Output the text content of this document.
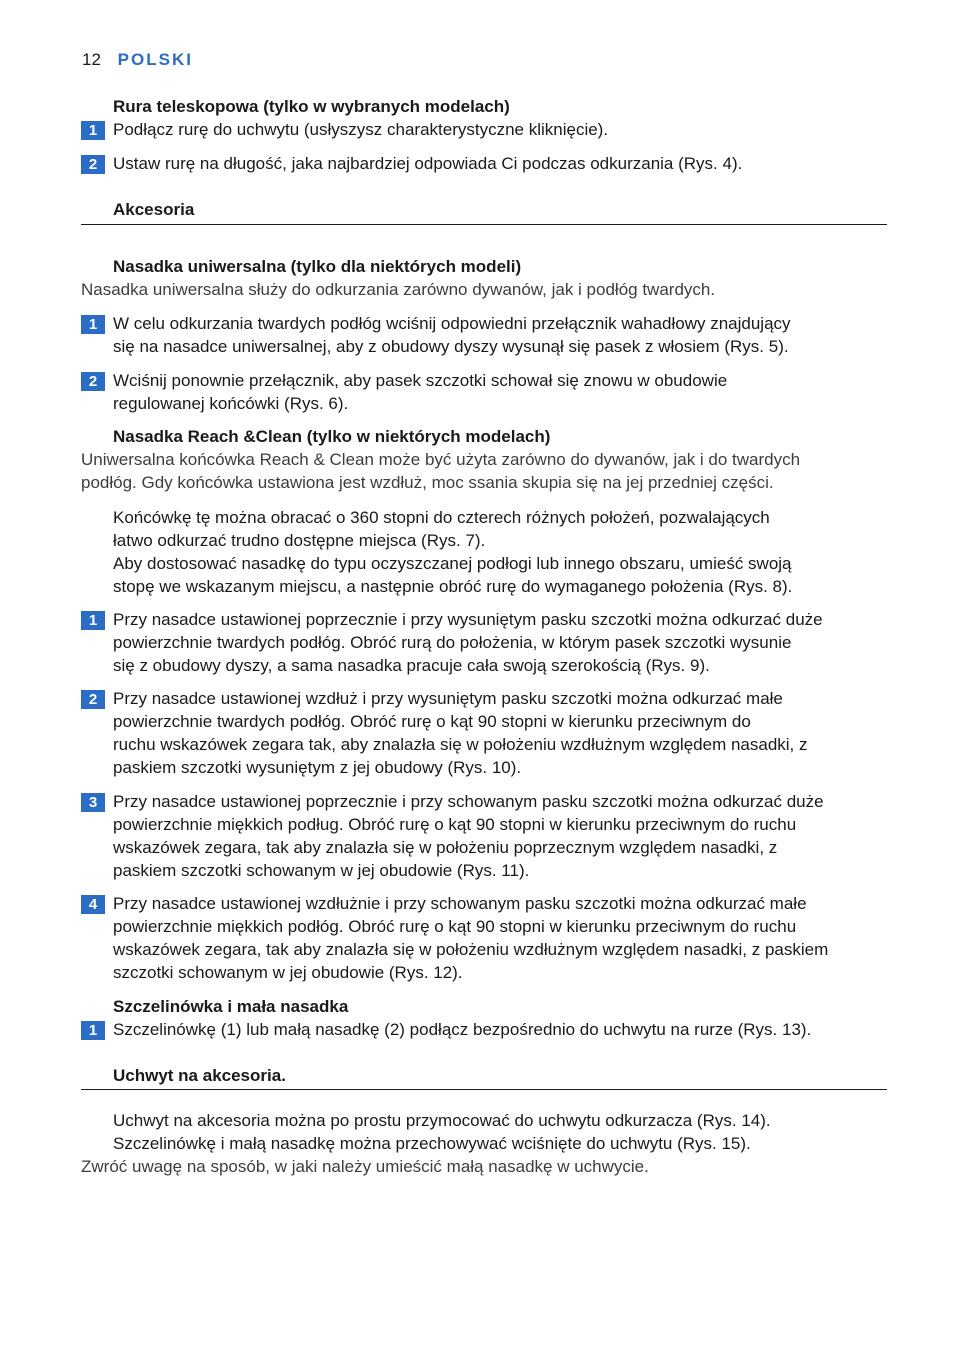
12 POLSKI
Rura teleskopowa (tylko w wybranych modelach)
1 Podłącz rurę do uchwytu (usłyszysz charakterystyczne kliknięcie).
2 Ustaw rurę na długość, jaka najbardziej odpowiada Ci podczas odkurzania (Rys. 4).
Akcesoria
Nasadka uniwersalna (tylko dla niektórych modeli)
Nasadka uniwersalna służy do odkurzania zarówno dywanów, jak i podłóg twardych.
1 W celu odkurzania twardych podłóg wciśnij odpowiedni przełącznik wahadłowy znajdujący
się na nasadce uniwersalnej, aby z obudowy dyszy wysunął się pasek z włosiem (Rys. 5).
2 Wciśnij ponownie przełącznik, aby pasek szczotki schował się znowu w obudowie
regulowanej końcówki (Rys. 6).
Nasadka Reach &Clean (tylko w niektórych modelach)
Uniwersalna końcówka Reach & Clean może być użyta zarówno do dywanów, jak i do twardych
podłóg. Gdy końcówka ustawiona jest wzdłuż, moc ssania skupia się na jej przedniej części.
Końcówkę tę można obracać o 360 stopni do czterech różnych położeń, pozwalających
łatwo odkurzać trudno dostępne miejsca (Rys. 7).
Aby dostosować nasadkę do typu oczyszczanej podłogi lub innego obszaru, umieść swoją
stopę we wskazanym miejscu, a następnie obróć rurę do wymaganego położenia (Rys. 8).
1 Przy nasadce ustawionej poprzecznie i przy wysuniętym pasku szczotki można odkurzać duże
powierzchnie twardych podłóg. Obróć rurą do położenia, w którym pasek szczotki wysunie
się z obudowy dyszy, a sama nasadka pracuje cała swoją szerokością (Rys. 9).
2 Przy nasadce ustawionej wzdłuż i przy wysuniętym pasku szczotki można odkurzać małe
powierzchnie twardych podłóg. Obróć rurę o kąt 90 stopni w kierunku przeciwnym do
ruchu wskazówek zegara tak, aby znalazła się w położeniu wzdłużnym względem nasadki, z
paskiem szczotki wysuniętym z jej obudowy (Rys. 10).
3 Przy nasadce ustawionej poprzecznie i przy schowanym pasku szczotki można odkurzać duże
powierzchnie miękkich podług. Obróć rurę o kąt 90 stopni w kierunku przeciwnym do ruchu
wskazówek zegara, tak aby znalazła się w położeniu poprzecznym względem nasadki, z
paskiem szczotki schowanym w jej obudowie (Rys. 11).
4 Przy nasadce ustawionej wzdłużnie i przy schowanym pasku szczotki można odkurzać małe
powierzchnie miękkich podłóg. Obróć rurę o kąt 90 stopni w kierunku przeciwnym do ruchu
wskazówek zegara, tak aby znalazła się w położeniu wzdłużnym względem nasadki, z paskiem
szczotki schowanym w jej obudowie (Rys. 12).
Szczelinówka i mała nasadka
1 Szczelinówkę (1) lub małą nasadkę (2) podłącz bezpośrednio do uchwytu na rurze (Rys. 13).
Uchwyt na akcesoria.
Uchwyt na akcesoria można po prostu przymocować do uchwytu odkurzacza (Rys. 14).
Szczelinówkę i małą nasadkę można przechowywać wciśnięte do uchwytu (Rys. 15).
Zwróć uwagę na sposób, w jaki należy umieścić małą nasadkę w uchwycie.
